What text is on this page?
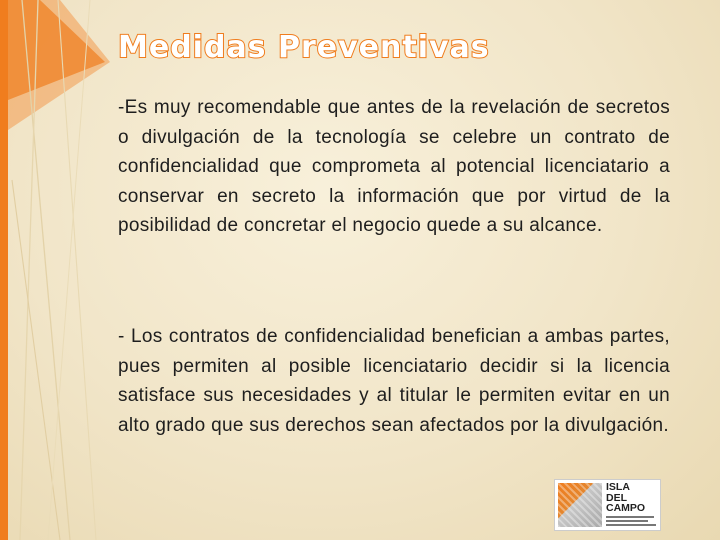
Medidas Preventivas
-Es muy recomendable que antes de la revelación de secretos o divulgación de la tecnología se celebre un contrato de confidencialidad que comprometa al potencial licenciatario a conservar en secreto la información que por virtud de la posibilidad de concretar el negocio quede a su alcance.
- Los contratos de confidencialidad benefician a ambas partes, pues permiten al posible licenciatario decidir si la licencia satisface sus necesidades y al titular le permiten evitar en un alto grado que sus derechos sean afectados por la divulgación.
ISLA
DEL
CAMPO
